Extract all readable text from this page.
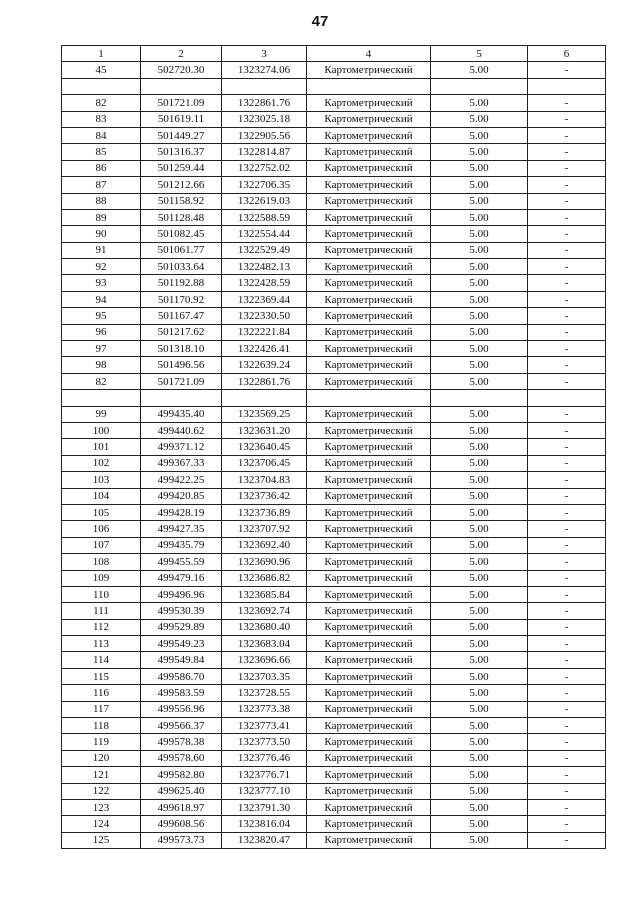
47
1	2	3	4	5	6
45	502720.30	1323274.06	Картометрический	5.00	-

82	501721.09	1322861.76	Картометрический	5.00	-
83	501619.11	1323025.18	Картометрический	5.00	-
84	501449.27	1322905.56	Картометрический	5.00	-
85	501316.37	1322814.87	Картометрический	5.00	-
86	501259.44	1322752.02	Картометрический	5.00	-
87	501212.66	1322706.35	Картометрический	5.00	-
88	501158.92	1322619.03	Картометрический	5.00	-
89	501128.48	1322588.59	Картометрический	5.00	-
90	501082.45	1322554.44	Картометрический	5.00	-
91	501061.77	1322529.49	Картометрический	5.00	-
92	501033.64	1322482.13	Картометрический	5.00	-
93	501192.88	1322428.59	Картометрический	5.00	-
94	501170.92	1322369.44	Картометрический	5.00	-
95	501167.47	1322330.50	Картометрический	5.00	-
96	501217.62	1322221.84	Картометрический	5.00	-
97	501318.10	1322426.41	Картометрический	5.00	-
98	501496.56	1322639.24	Картометрический	5.00	-
82	501721.09	1322861.76	Картометрический	5.00	-

99	499435.40	1323569.25	Картометрический	5.00	-
100	499440.62	1323631.20	Картометрический	5.00	-
101	499371.12	1323640.45	Картометрический	5.00	-
102	499367.33	1323706.45	Картометрический	5.00	-
103	499422.25	1323704.83	Картометрический	5.00	-
104	499420.85	1323736.42	Картометрический	5.00	-
105	499428.19	1323736.89	Картометрический	5.00	-
106	499427.35	1323707.92	Картометрический	5.00	-
107	499435.79	1323692.40	Картометрический	5.00	-
108	499455.59	1323690.96	Картометрический	5.00	-
109	499479.16	1323686.82	Картометрический	5.00	-
110	499496.96	1323685.84	Картометрический	5.00	-
111	499530.39	1323692.74	Картометрический	5.00	-
112	499529.89	1323680.40	Картометрический	5.00	-
113	499549.23	1323683.04	Картометрический	5.00	-
114	499549.84	1323696.66	Картометрический	5.00	-
115	499586.70	1323703.35	Картометрический	5.00	-
116	499583.59	1323728.55	Картометрический	5.00	-
117	499556.96	1323773.38	Картометрический	5.00	-
118	499566.37	1323773.41	Картометрический	5.00	-
119	499578.38	1323773.50	Картометрический	5.00	-
120	499578.60	1323776.46	Картометрический	5.00	-
121	499582.80	1323776.71	Картометрический	5.00	-
122	499625.40	1323777.10	Картометрический	5.00	-
123	499618.97	1323791.30	Картометрический	5.00	-
124	499608.56	1323816.04	Картометрический	5.00	-
125	499573.73	1323820.47	Картометрический	5.00	-
